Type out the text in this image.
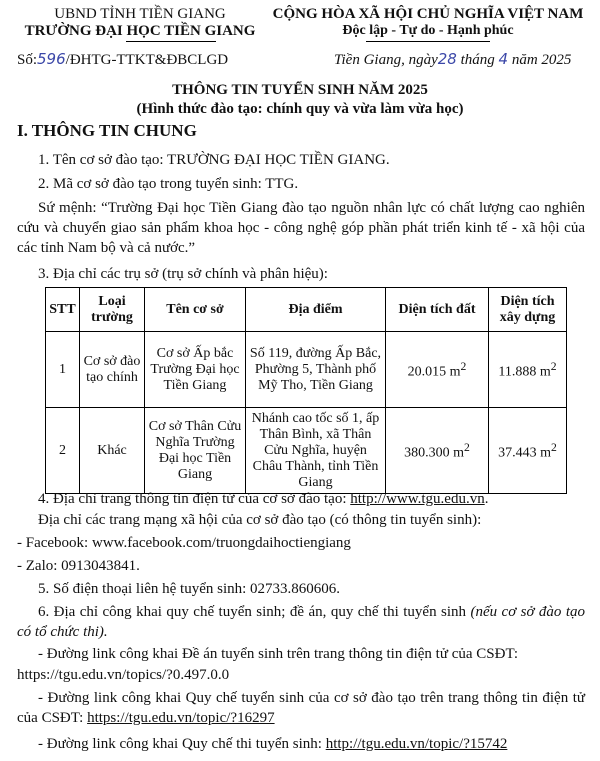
UBND TỈNH TIỀN GIANG
TRƯỜNG ĐẠI HỌC TIỀN GIANG
Số:596/ĐHTG-TTKT&ĐBCLGD
CỘNG HÒA XÃ HỘI CHỦ NGHĨA VIỆT NAM
Độc lập - Tự do - Hạnh phúc
Tiền Giang, ngày28 tháng 4 năm 2025
THÔNG TIN TUYỂN SINH NĂM 2025
(Hình thức đào tạo: chính quy và vừa làm vừa học)
I. THÔNG TIN CHUNG
1. Tên cơ sở đào tạo: TRƯỜNG ĐẠI HỌC TIỀN GIANG.
2. Mã cơ sở đào tạo trong tuyển sinh: TTG.
Sứ mệnh: “Trường Đại học Tiền Giang đào tạo nguồn nhân lực có chất lượng cao nghiên cứu và chuyển giao sản phẩm khoa học - công nghệ góp phần phát triển kinh tế - xã hội của các tỉnh Nam bộ và cả nước.”
3. Địa chỉ các trụ sở (trụ sở chính và phân hiệu):
STT	Loại trường	Tên cơ sở	Địa điểm	Diện tích đất	Diện tích xây dựng
1	Cơ sở đào tạo chính	Cơ sở Ấp bắc Trường Đại học Tiền Giang	Số 119, đường Ấp Bắc, Phường 5, Thành phố Mỹ Tho, Tiền Giang	20.015 $m^2$	11.888 $m^2$
2	Khác	Cơ sở Thân Cửu Nghĩa Trường Đại học Tiền Giang	Nhánh cao tốc số 1, ấp Thân Bình, xã Thân Cửu Nghĩa, huyện Châu Thành, tỉnh Tiền Giang	380.300 $m^2$	37.443 $m^2$
4. Địa chỉ trang thông tin điện tử của cơ sở đào tạo: http://www.tgu.edu.vn.
Địa chỉ các trang mạng xã hội của cơ sở đào tạo (có thông tin tuyển sinh):
- Facebook: www.facebook.com/truongdaihoctiengiang
- Zalo: 0913043841.
5. Số điện thoại liên hệ tuyển sinh: 02733.860606.
6. Địa chỉ công khai quy chế tuyển sinh; đề án, quy chế thi tuyển sinh (nếu cơ sở đào tạo có tổ chức thi).
- Đường link công khai Đề án tuyển sinh trên trang thông tin điện tử của CSĐT:
https://tgu.edu.vn/topics/?0.497.0.0
- Đường link công khai Quy chế tuyển sinh của cơ sở đào tạo trên trang thông tin điện tử của CSĐT: https://tgu.edu.vn/topic/?16297
- Đường link công khai Quy chế thi tuyển sinh: http://tgu.edu.vn/topic/?15742
